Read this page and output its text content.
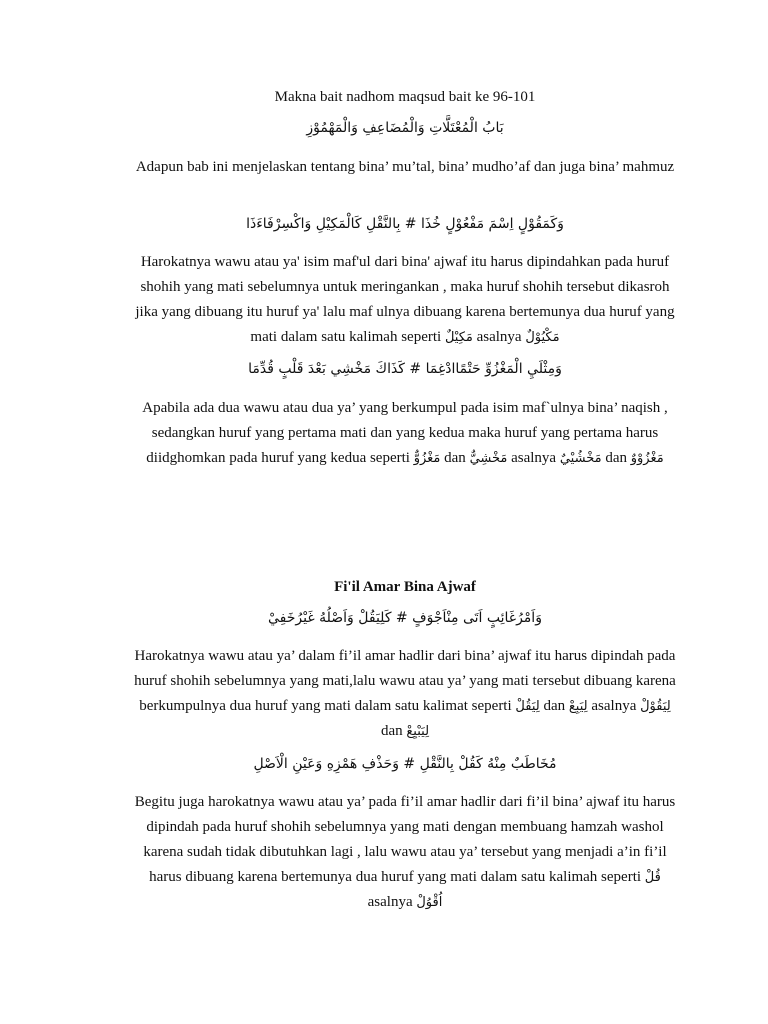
Makna bait nadhom maqsud bait ke 96-101
بَابُ الْمُعْتَلَّاتِ وَالْمُضَاعِفِ وَالْمَهْمُوْزِ
Adapun bab ini menjelaskan tentang bina’ mu’tal, bina’ mudho’af dan juga bina’ mahmuz
وَكَمَقُوْلٍ اِسْمَ مَفْعُوْلٍ خُذَا # بِالنَّقْلِ كَالْمَكِيْلِ وَاكْسِرْفَاءَذَا
Harokatnya wawu atau ya' isim maf'ul dari bina' ajwaf itu harus dipindahkan pada huruf shohih yang mati sebelumnya untuk meringankan , maka huruf shohih tersebut dikasroh jika yang dibuang itu huruf ya' lalu maf ulnya dibuang karena bertemunya dua huruf yang mati dalam satu kalimah seperti مَكِيْلٌ asalnya مَكْيُوْلٌ
وَمِثْلَيِ الْمَغْزُوِّ حَتْمًاادْغِمَا # كَذَاكَ مَخْشِي بَعْدَ قَلْبٍ قُدِّمَا
Apabila ada dua wawu atau dua ya’ yang berkumpul pada isim maf`ulnya bina’ naqish , sedangkan huruf yang pertama mati dan yang kedua maka huruf yang pertama harus diidghomkan pada huruf yang kedua seperti مَغْزُوٌّ dan مَخْشِيٌّ asalnya مَخْشُيْيٌ dan مَغْزُوْوٌ
Fi'il Amar Bina Ajwaf
وَاَمْرُغَائِبٍ اَتَى مِنْاَجْوَفٍ # كَلِيَقُلْ وَاَصْلُهُ غَيْرُخَفِيْ
Harokatnya wawu atau ya’ dalam fi’il amar hadlir dari bina’ ajwaf itu harus dipindah pada huruf shohih sebelumnya yang mati,lalu wawu atau ya’ yang mati tersebut dibuang karena berkumpulnya dua huruf yang mati dalam satu kalimat seperti لِيَقُلْ dan لِيَبِعْ asalnya لِيَقُوْلْ dan لِيَبْيِعْ
مُخَاطَبٌ مِنْهُ كَقُلْ بِالنَّقْلِ # وَحَذْفِ هَمْزِهِ وَعَيْنِ الْاَصْلِ
Begitu juga harokatnya wawu atau ya’ pada fi’il amar hadlir dari fi’il bina’ ajwaf itu harus dipindah pada huruf shohih sebelumnya yang mati dengan membuang hamzah washol karena sudah tidak dibutuhkan lagi , lalu wawu atau ya’ tersebut yang menjadi a’in fi’il harus dibuang karena bertemunya dua huruf yang mati dalam satu kalimah seperti قُلْ asalnya اُقْوُلْ
